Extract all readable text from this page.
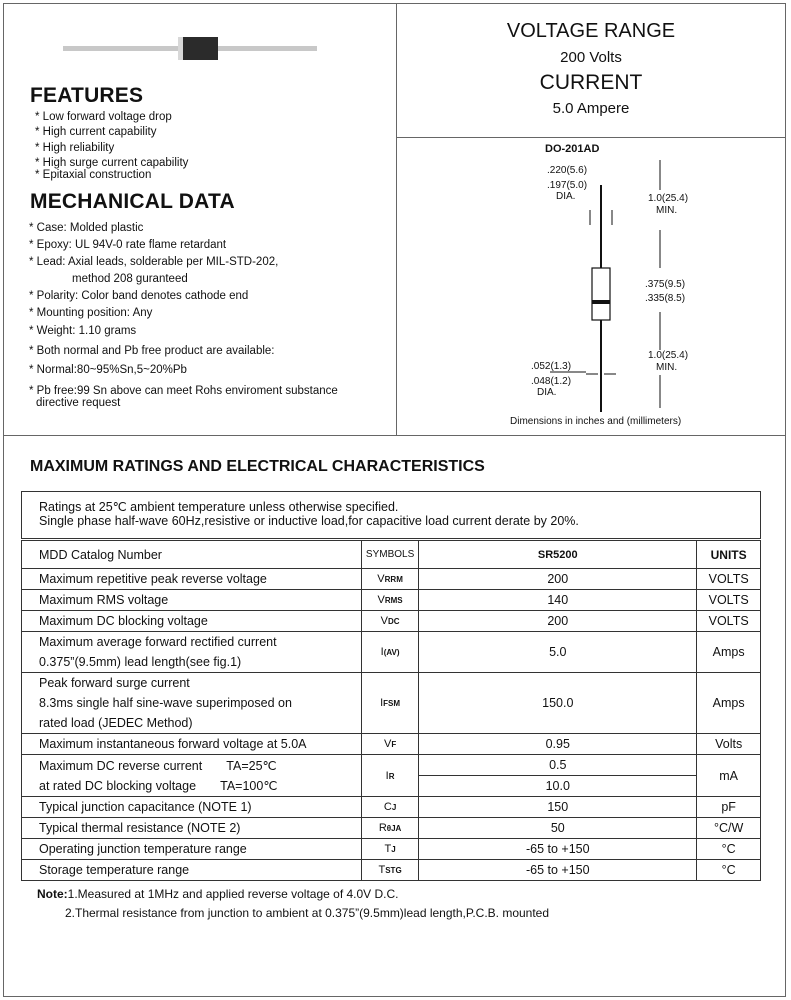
FEATURES
* Low forward voltage drop
* High current capability
* High reliability
* High surge current capability
* Epitaxial construction
MECHANICAL DATA
* Case: Molded plastic
* Epoxy: UL 94V-0 rate flame retardant
* Lead: Axial leads, solderable per MIL-STD-202,
method 208 guranteed
* Polarity: Color band denotes cathode end
* Mounting position: Any
* Weight: 1.10 grams
* Both normal and Pb free product are available:
* Normal:80~95%Sn,5~20%Pb
* Pb free:99 Sn above can meet Rohs enviroment substance
directive request
VOLTAGE RANGE
200 Volts
CURRENT
5.0 Ampere
DO-201AD
.220(5.6)
.197(5.0)
DIA.	1.0(25.4)
MIN.
.375(9.5)
.335(8.5)
1.0(25.4)
MIN.
.052(1.3)
.048(1.2)
DIA.
Dimensions in inches and (millimeters)
MAXIMUM RATINGS AND ELECTRICAL CHARACTERISTICS
Ratings at 25℃ ambient temperature unless otherwise specified.
Single phase half-wave 60Hz,resistive or inductive load,for capacitive load current derate by 20%.
MDD Catalog Number	SYMBOLS	SR5200	UNITS

Maximum repetitive peak reverse voltage	VRRM	200	VOLTS

Maximum RMS voltage	VRMS	140	VOLTS

Maximum DC blocking voltage	VDC	200	VOLTS

Maximum average forward rectified current
0.375”(9.5mm) lead length(see fig.1)	I(AV)	5.0	Amps

Peak forward surge current
8.3ms single half sine-wave superimposed on
rated load (JEDEC Method)	IFSM	150.0	Amps

Maximum instantaneous forward voltage at 5.0A	VF	0.95	Volts

Maximum DC reverse current       TA=25℃
at rated DC blocking voltage       TA=100℃	IR	0.5	mA
		10.0	

Typical junction capacitance (NOTE 1)	CJ	150	pF

Typical thermal resistance (NOTE 2)	RθJA	50	°C/W

Operating junction temperature range	TJ	-65 to +150	°C

Storage temperature range	TSTG	-65 to +150	°C
Note:1.Measured at 1MHz and applied reverse voltage of 4.0V D.C.
2.Thermal resistance from junction to ambient at 0.375”(9.5mm)lead length,P.C.B. mounted
